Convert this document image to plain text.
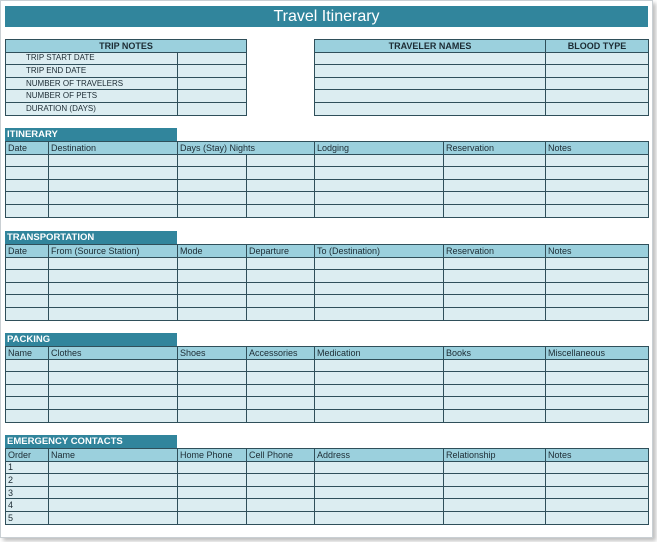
Travel Itinerary
TRIP NOTES	
TRIP START DATE	
TRIP END DATE	
NUMBER OF TRAVELERS	
NUMBER OF PETS	
DURATION (DAYS)	
TRAVELER NAMES	BLOOD TYPE

ITINERARY
Date	Destination	Days (Stay) Nights		Lodging	Reservation	Notes

TRANSPORTATION
Date	From (Source Station)	Mode	Departure	To (Destination)	Reservation	Notes

PACKING
Name	Clothes	Shoes	Accessories	Medication	Books	Miscellaneous

EMERGENCY CONTACTS
Order	Name	Home Phone	Cell Phone	Address	Relationship	Notes
1						
2						
3						
4						
5						
